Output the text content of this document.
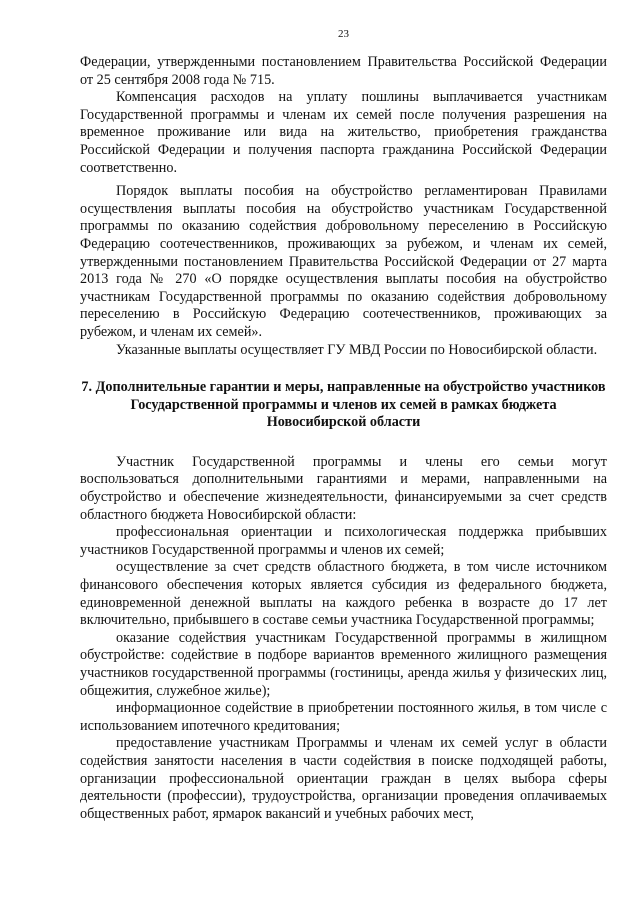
23

Федерации, утвержденными постановлением Правительства Российской Федерации от 25 сентября 2008 года № 715.

Компенсация расходов на уплату пошлины выплачивается участникам Государственной программы и членам их семей после получения разрешения на временное проживание или вида на жительство, приобретения гражданства Российской Федерации и получения паспорта гражданина Российской Федерации соответственно.

Порядок выплаты пособия на обустройство регламентирован Правилами осуществления выплаты пособия на обустройство участникам Государственной программы по оказанию содействия добровольному переселению в Российскую Федерацию соотечественников, проживающих за рубежом, и членам их семей, утвержденными постановлением Правительства Российской Федерации от 27 марта 2013 года № 270 «О порядке осуществления выплаты пособия на обустройство участникам Государственной программы по оказанию содействия добровольному переселению в Российскую Федерацию соотечественников, проживающих за рубежом, и членам их семей».

Указанные выплаты осуществляет ГУ МВД России по Новосибирской области.

7. Дополнительные гарантии и меры, направленные на обустройство участников Государственной программы и членов их семей в рамках бюджета Новосибирской области

Участник Государственной программы и члены его семьи могут воспользоваться дополнительными гарантиями и мерами, направленными на обустройство и обеспечение жизнедеятельности, финансируемыми за счет средств областного бюджета Новосибирской области:

профессиональная ориентации и психологическая поддержка прибывших участников Государственной программы и членов их семей;

осуществление за счет средств областного бюджета, в том числе источником финансового обеспечения которых является субсидия из федерального бюджета, единовременной денежной выплаты на каждого ребенка в возрасте до 17 лет включительно, прибывшего в составе семьи участника Государственной программы;

оказание содействия участникам Государственной программы в жилищном обустройстве: содействие в подборе вариантов временного жилищного размещения участников государственной программы (гостиницы, аренда жилья у физических лиц, общежития, служебное жилье);

информационное содействие в приобретении постоянного жилья, в том числе с использованием ипотечного кредитования;

предоставление участникам Программы и членам их семей услуг в области содействия занятости населения в части содействия в поиске подходящей работы, организации профессиональной ориентации граждан в целях выбора сферы деятельности (профессии), трудоустройства, организации проведения оплачиваемых общественных работ, ярмарок вакансий и учебных рабочих мест,
